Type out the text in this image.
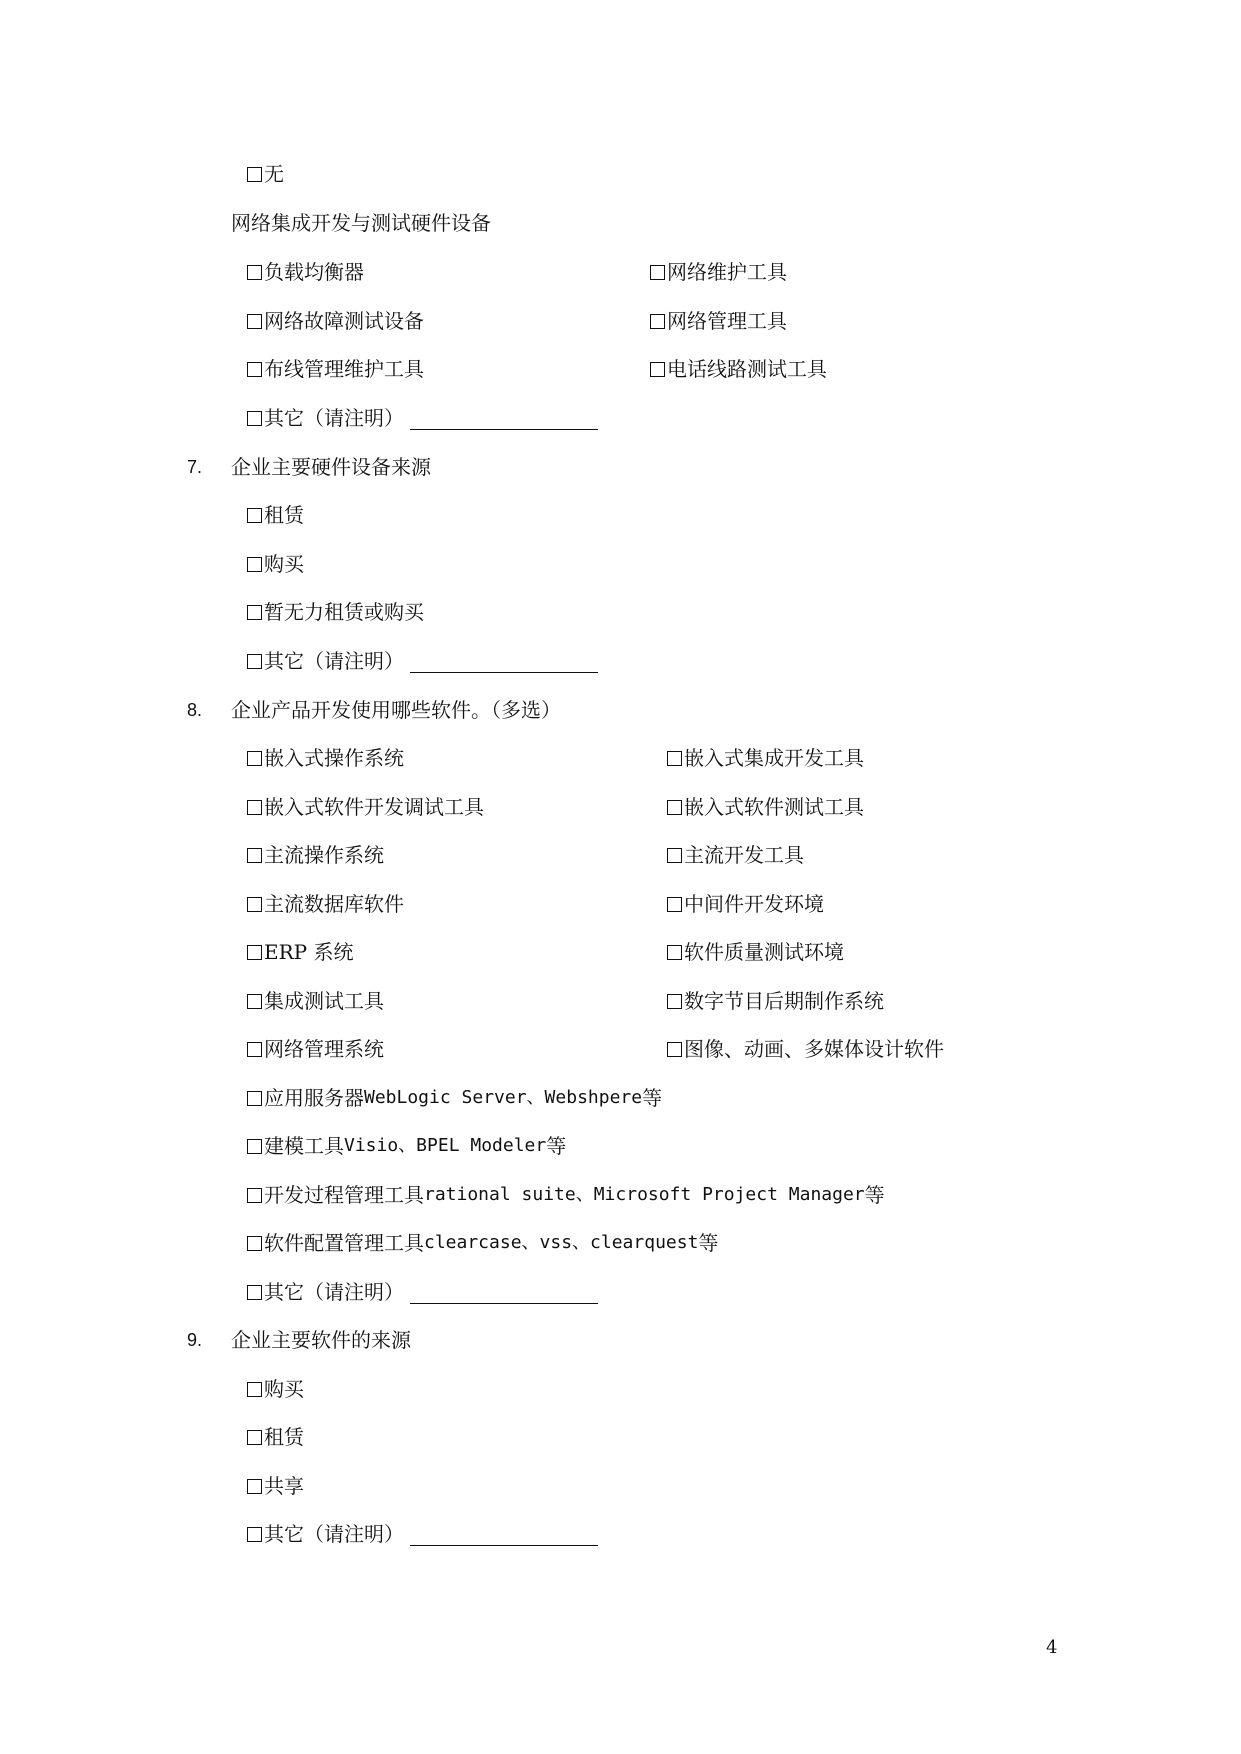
无
网络集成开发与测试硬件设备
负载均衡器	网络维护工具
网络故障测试设备	网络管理工具
布线管理维护工具	电话线路测试工具
其它（请注明）
7. 企业主要硬件设备来源
租赁
购买
暂无力租赁或购买
其它（请注明）
8. 企业产品开发使用哪些软件。（多选）
嵌入式操作系统	嵌入式集成开发工具
嵌入式软件开发调试工具	嵌入式软件测试工具
主流操作系统	主流开发工具
主流数据库软件	中间件开发环境
ERP 系统	软件质量测试环境
集成测试工具	数字节目后期制作系统
网络管理系统	图像、动画、多媒体设计软件
应用服务器 WebLogic Server、Webshpere 等
建模工具 Visio、BPEL Modeler 等
开发过程管理工具 rational suite、Microsoft Project Manager 等
软件配置管理工具 clearcase、vss、clearquest 等
其它（请注明）
9. 企业主要软件的来源
购买
租赁
共享
其它（请注明）
4
